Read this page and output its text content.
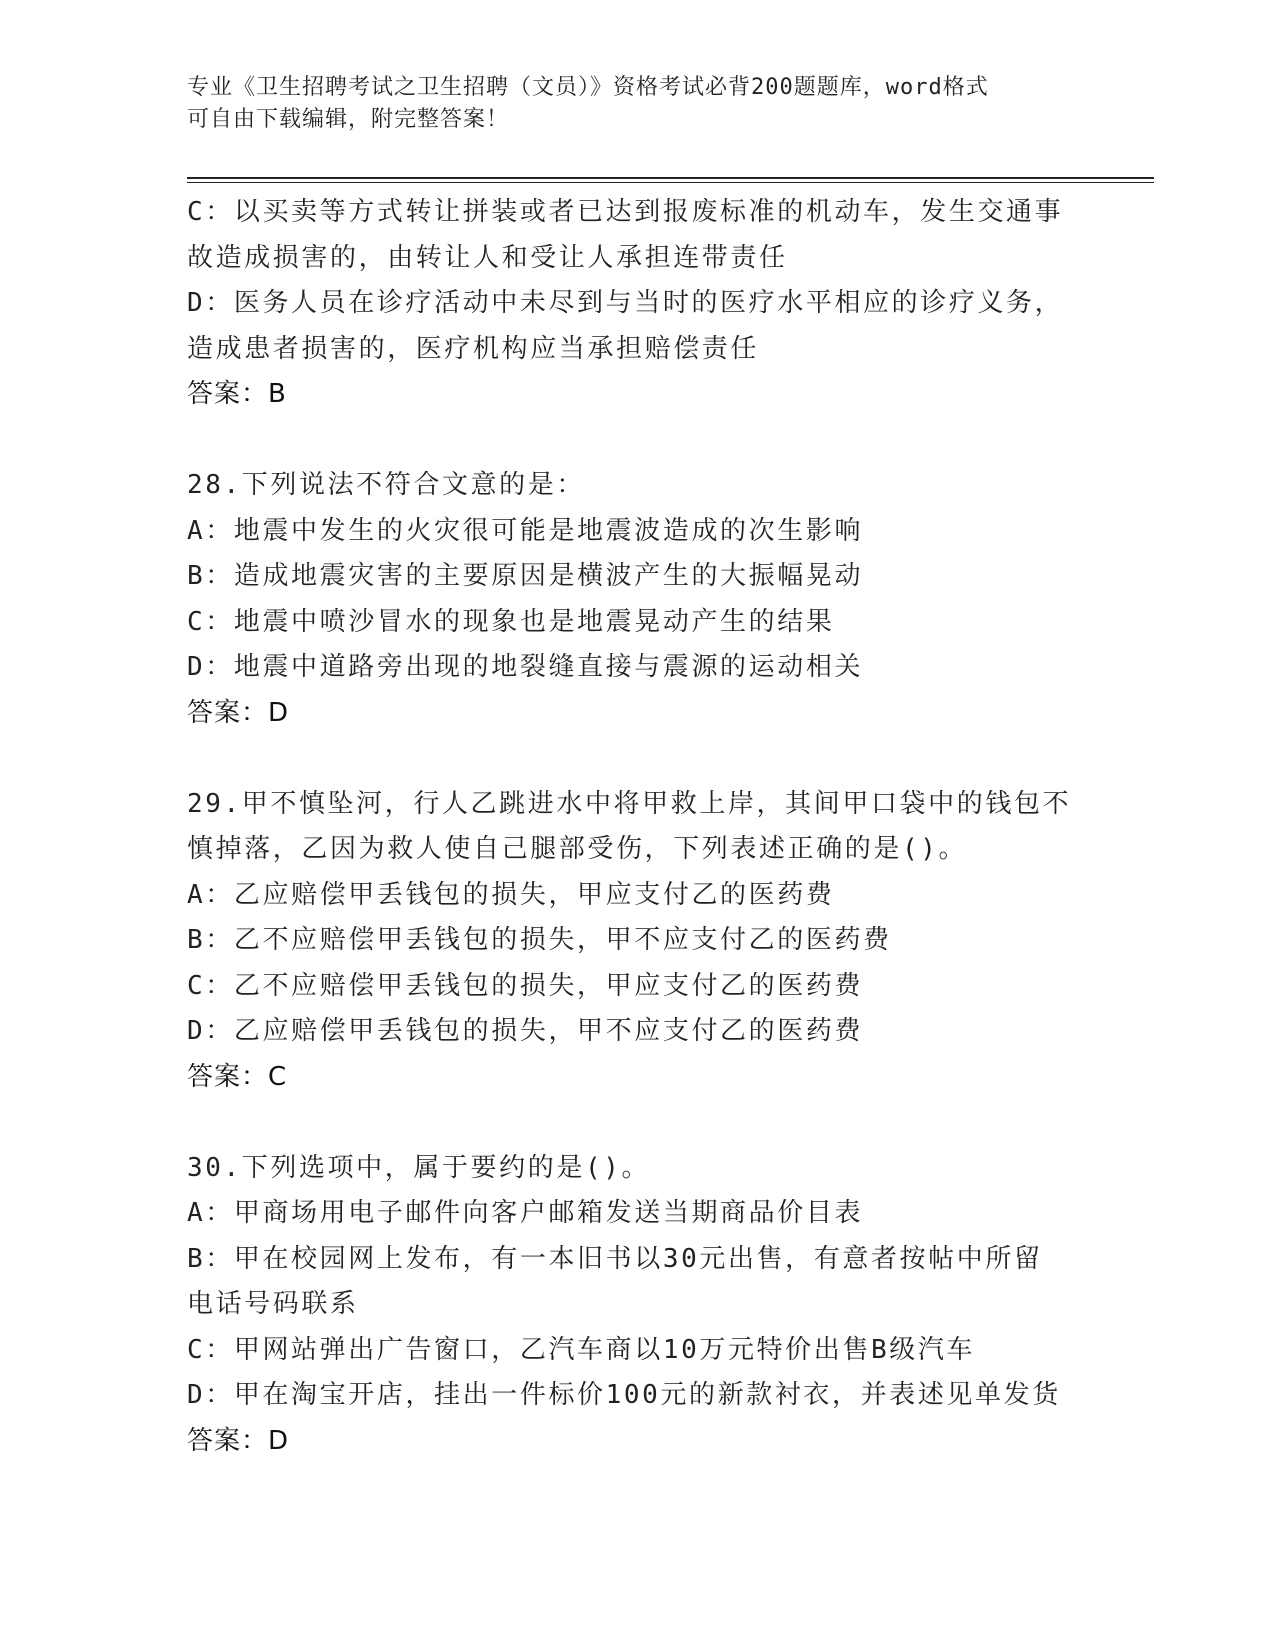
专业《卫生招聘考试之卫生招聘（文员）》资格考试必背200题题库，word格式
可自由下载编辑，附完整答案！
C：以买卖等方式转让拼装或者已达到报废标准的机动车，发生交通事
故造成损害的，由转让人和受让人承担连带责任
D：医务人员在诊疗活动中未尽到与当时的医疗水平相应的诊疗义务，
造成患者损害的，医疗机构应当承担赔偿责任
答案：B
28.下列说法不符合文意的是：
A：地震中发生的火灾很可能是地震波造成的次生影响
B：造成地震灾害的主要原因是横波产生的大振幅晃动
C：地震中喷沙冒水的现象也是地震晃动产生的结果
D：地震中道路旁出现的地裂缝直接与震源的运动相关
答案：D
29.甲不慎坠河，行人乙跳进水中将甲救上岸，其间甲口袋中的钱包不
慎掉落，乙因为救人使自己腿部受伤，下列表述正确的是()。
A：乙应赔偿甲丢钱包的损失，甲应支付乙的医药费
B：乙不应赔偿甲丢钱包的损失，甲不应支付乙的医药费
C：乙不应赔偿甲丢钱包的损失，甲应支付乙的医药费
D：乙应赔偿甲丢钱包的损失，甲不应支付乙的医药费
答案：C
30.下列选项中，属于要约的是()。
A：甲商场用电子邮件向客户邮箱发送当期商品价目表
B：甲在校园网上发布，有一本旧书以30元出售，有意者按帖中所留
电话号码联系
C：甲网站弹出广告窗口，乙汽车商以10万元特价出售B级汽车
D：甲在淘宝开店，挂出一件标价100元的新款衬衣，并表述见单发货
答案：D
